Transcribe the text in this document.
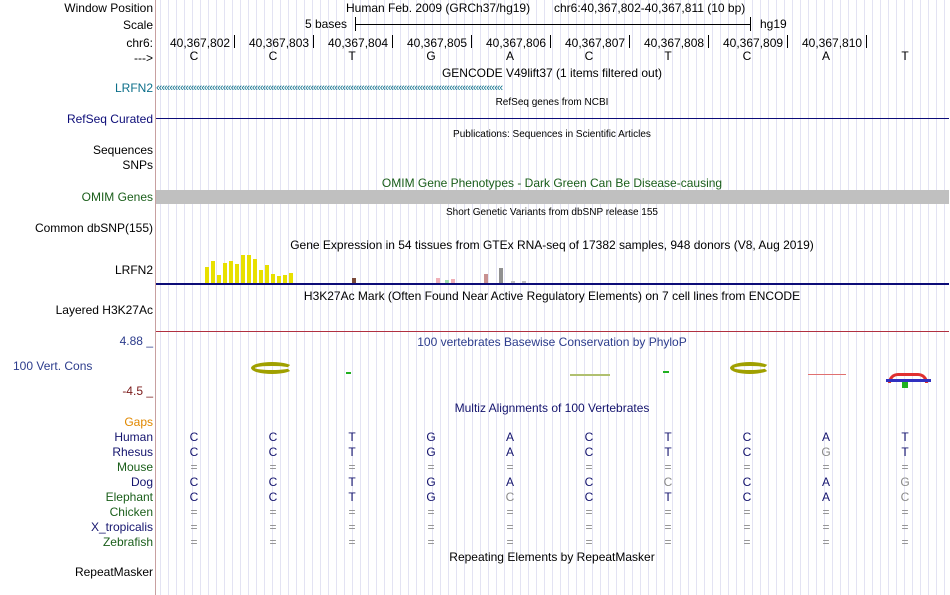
Window Position	Human Feb. 2009 (GRCh37/hg19) chr6:40,367,802-40,367,811 (10 bp)
Scale	5 bases	hg19
chr6: 40,367,802 40,367,803 40,367,804 40,367,805 40,367,806 40,367,807 40,367,808 40,367,809 40,367,810
--->	C	C	T	G	A	C	T	C	A	T
GENCODE V49lift37 (1 items filtered out)
LRFN2 ‹‹‹‹‹‹‹‹‹‹‹‹‹‹‹‹‹‹‹‹‹‹‹‹‹‹‹‹‹‹‹‹‹‹‹‹‹‹‹‹‹‹‹‹‹‹‹‹‹‹‹‹‹‹‹‹‹‹‹‹‹‹‹‹‹‹‹‹‹‹‹‹‹‹‹‹‹‹‹‹‹‹‹‹‹‹‹‹‹‹‹‹‹‹‹‹‹‹‹‹‹‹‹‹‹‹‹‹‹‹‹‹‹‹‹‹‹‹‹‹‹‹‹‹‹‹‹‹‹‹
RefSeq genes from NCBI
RefSeq Curated
Publications: Sequences in Scientific Articles
Sequences
SNPs
OMIM Gene Phenotypes - Dark Green Can Be Disease-causing
OMIM Genes
Short Genetic Variants from dbSNP release 155
Common dbSNP(155)
Gene Expression in 54 tissues from GTEx RNA-seq of 17382 samples, 948 donors (V8, Aug 2019)
LRFN2
H3K27Ac Mark (Often Found Near Active Regulatory Elements) on 7 cell lines from ENCODE
Layered H3K27Ac
4.88 _	100 vertebrates Basewise Conservation by PhyloP
100 Vert. Cons
-4.5 _
Multiz Alignments of 100 Vertebrates
Gaps
Human	C	C	T	G	A	C	T	C	A	T
Rhesus	C	C	T	G	A	C	T	C	G	T
Mouse	=	=	=	=	=	=	=	=	=	=
Dog	C	C	T	G	A	C	C	C	A	G
Elephant	C	C	T	G	C	C	T	C	A	C
Chicken	=	=	=	=	=	=	=	=	=	=
X_tropicalis	=	=	=	=	=	=	=	=	=	=
Zebrafish	=	=	=	=	=	=	=	=	=	=
Repeating Elements by RepeatMasker
RepeatMasker
